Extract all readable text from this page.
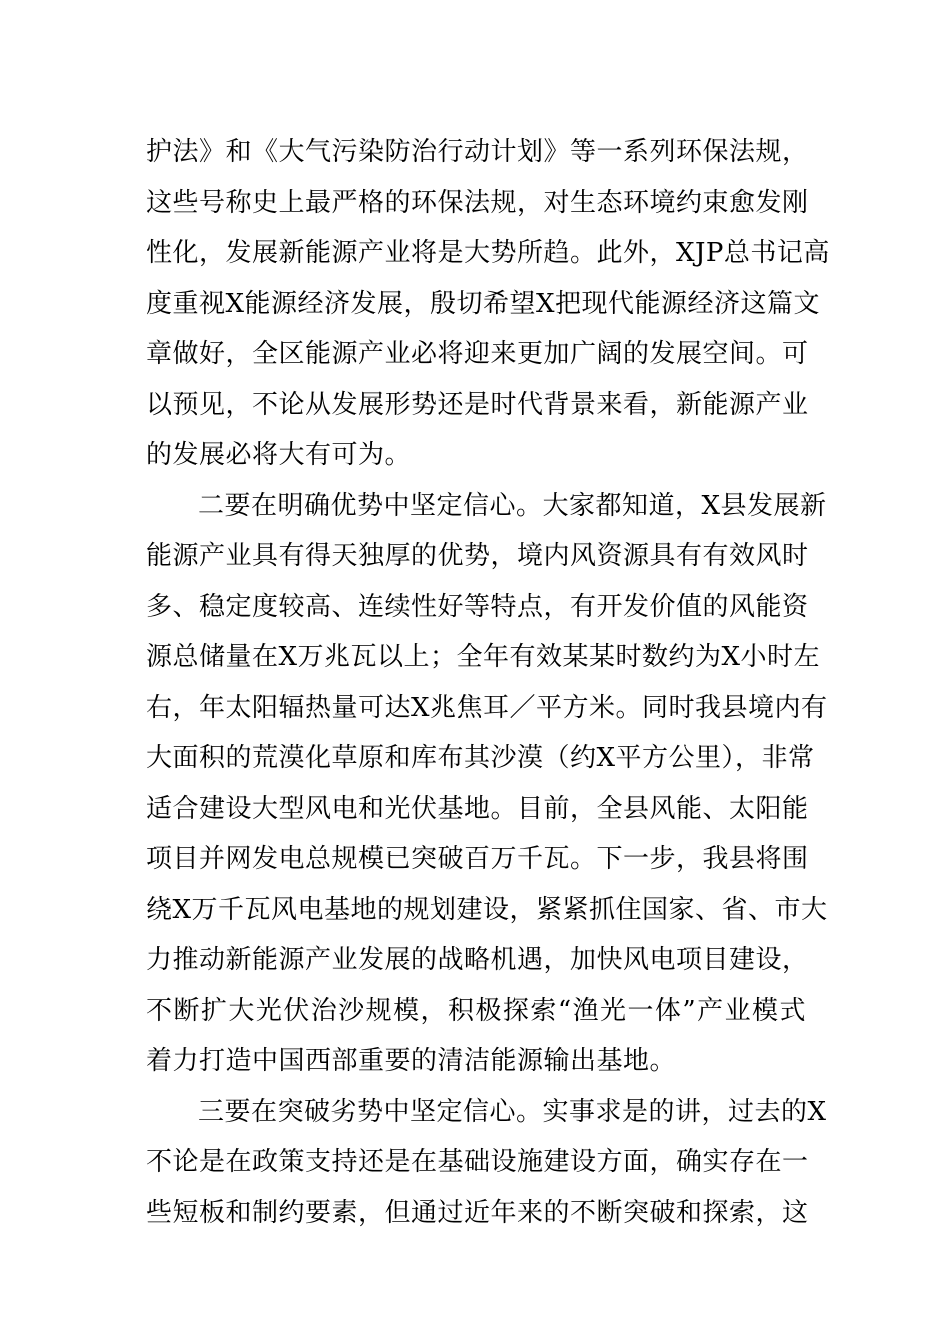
护法》和《大气污染防治行动计划》等一系列环保法规，
这些号称史上最严格的环保法规，对生态环境约束愈发刚
性化，发展新能源产业将是大势所趋。此外，XJP总书记高
度重视X能源经济发展，殷切希望X把现代能源经济这篇文
章做好，全区能源产业必将迎来更加广阔的发展空间。可
以预见，不论从发展形势还是时代背景来看，新能源产业
的发展必将大有可为。
二要在明确优势中坚定信心。大家都知道，X县发展新
能源产业具有得天独厚的优势，境内风资源具有有效风时
多、稳定度较高、连续性好等特点，有开发价值的风能资
源总储量在X万兆瓦以上；全年有效某某时数约为X小时左
右，年太阳辐热量可达X兆焦耳／平方米。同时我县境内有
大面积的荒漠化草原和库布其沙漠（约X平方公里），非常
适合建设大型风电和光伏基地。目前，全县风能、太阳能
项目并网发电总规模已突破百万千瓦。下一步，我县将围
绕X万千瓦风电基地的规划建设，紧紧抓住国家、省、市大
力推动新能源产业发展的战略机遇，加快风电项目建设，
不断扩大光伏治沙规模，积极探索“渔光一体”产业模式
着力打造中国西部重要的清洁能源输出基地。
三要在突破劣势中坚定信心。实事求是的讲，过去的X
不论是在政策支持还是在基础设施建设方面，确实存在一
些短板和制约要素，但通过近年来的不断突破和探索，这
